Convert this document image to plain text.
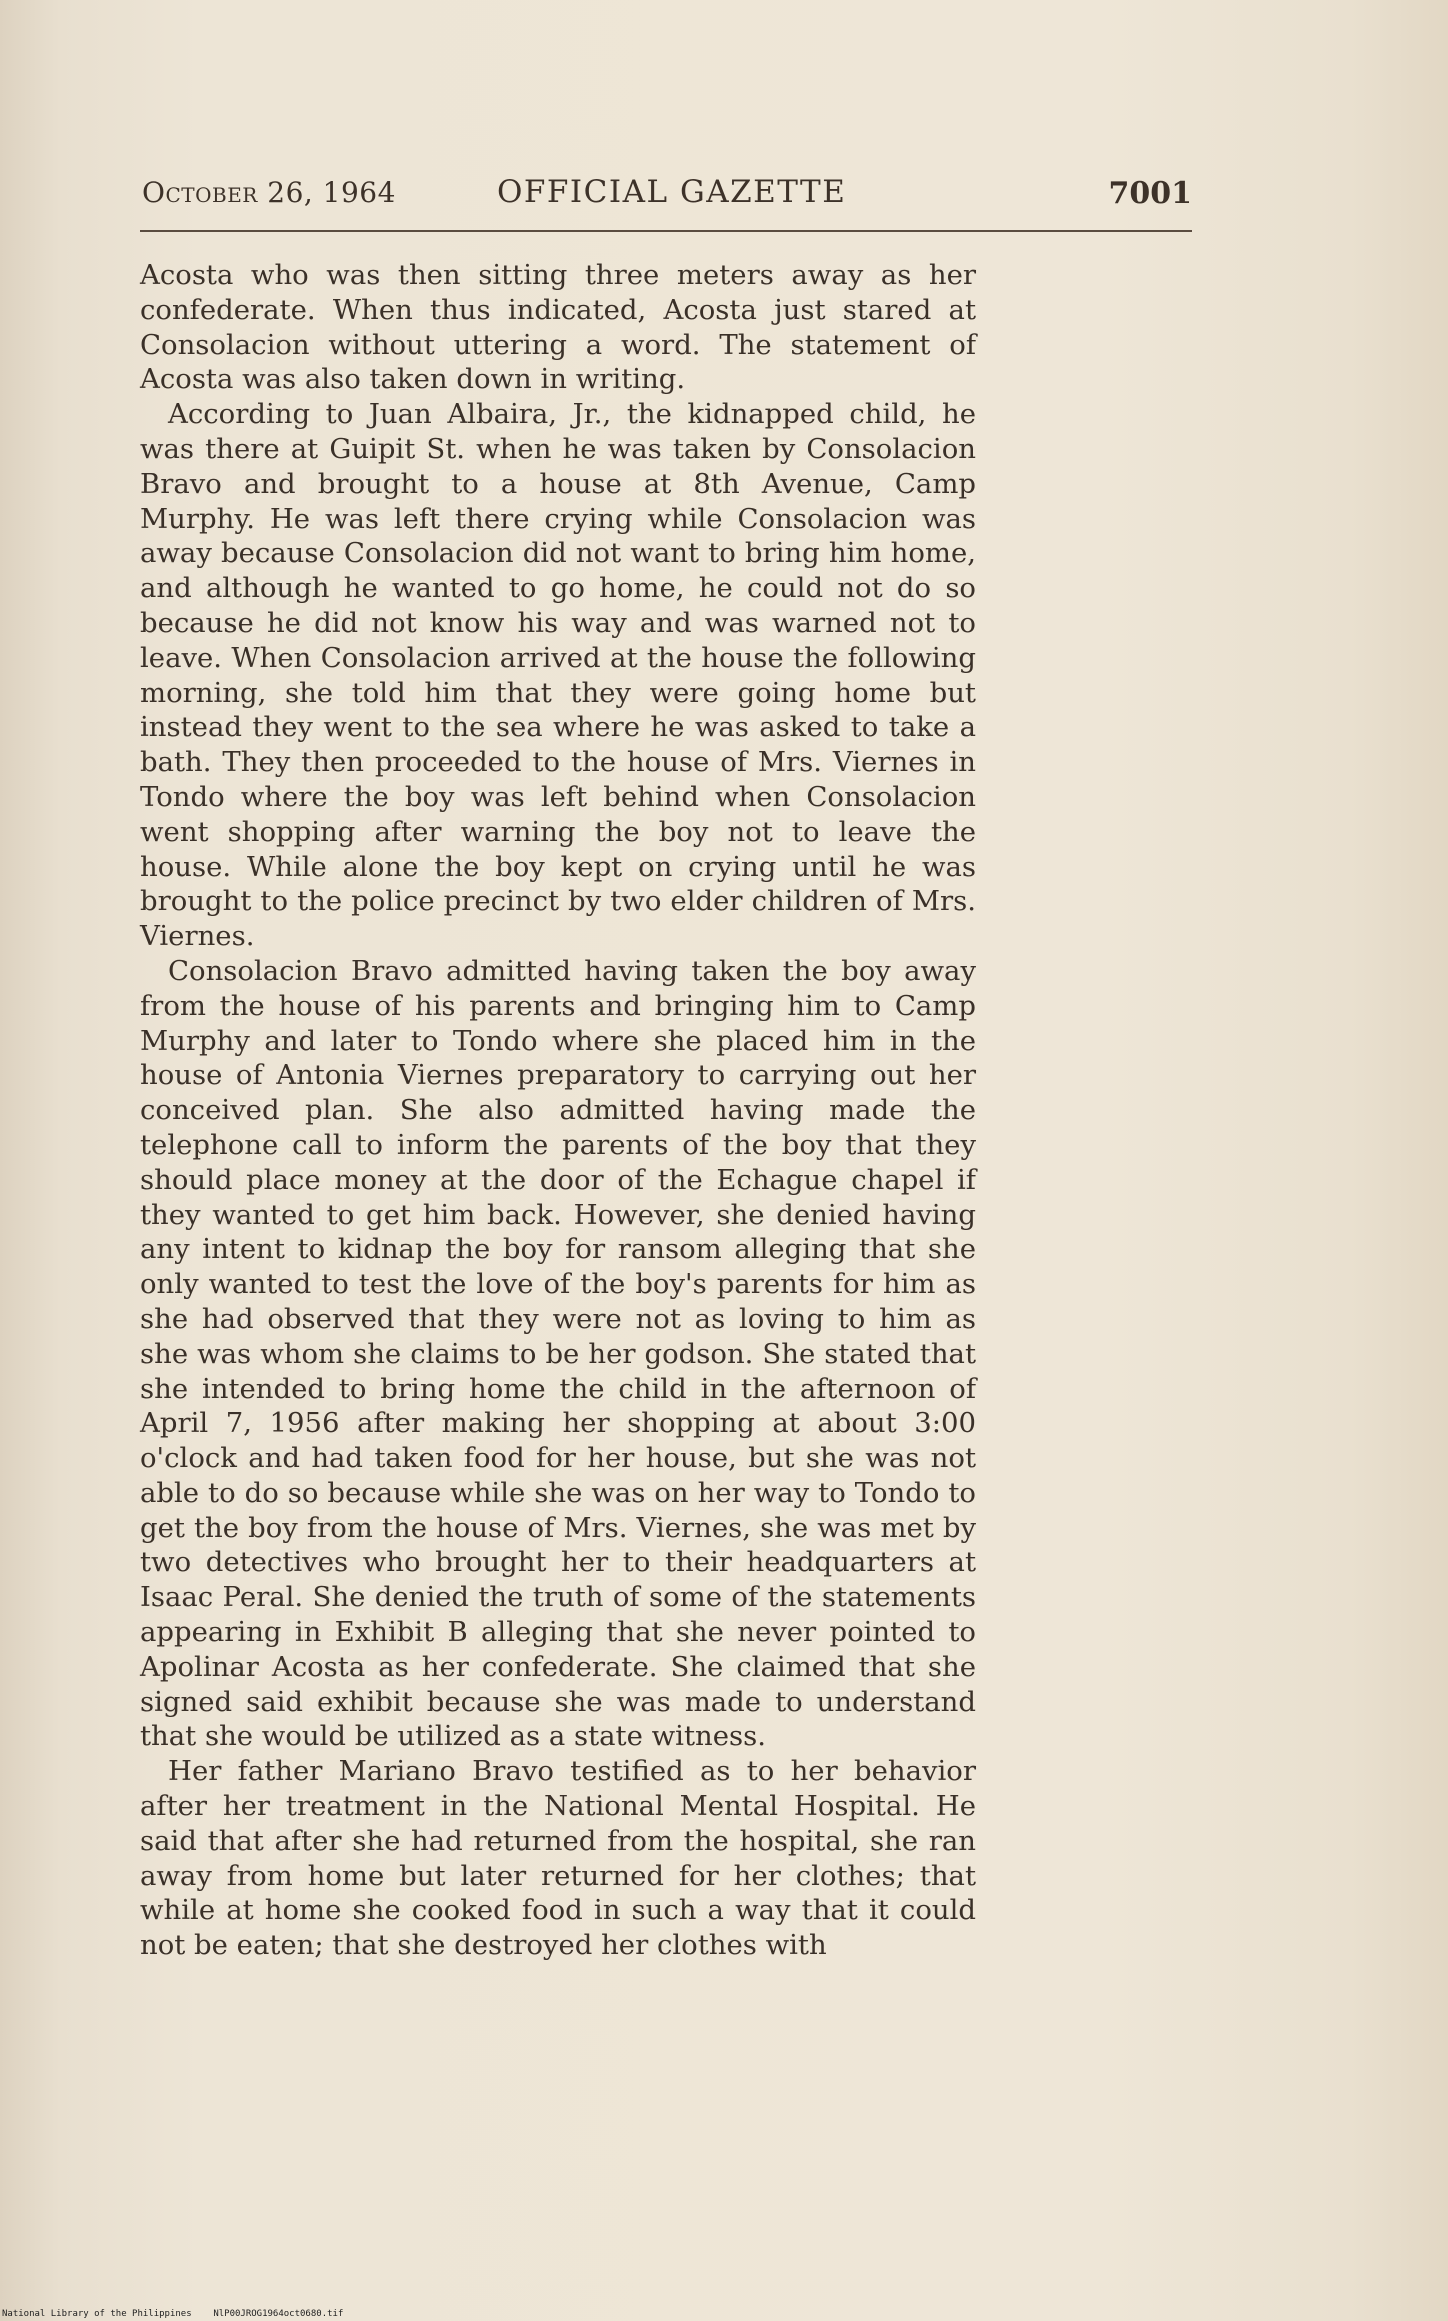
October 26, 1964	OFFICIAL GAZETTE	7001

Acosta who was then sitting three meters away as her confederate. When thus indicated, Acosta just stared at Consolacion without uttering a word. The statement of Acosta was also taken down in writing.

According to Juan Albaira, Jr., the kidnapped child, he was there at Guipit St. when he was taken by Consolacion Bravo and brought to a house at 8th Avenue, Camp Murphy. He was left there crying while Consolacion was away because Consolacion did not want to bring him home, and although he wanted to go home, he could not do so because he did not know his way and was warned not to leave. When Consolacion arrived at the house the following morning, she told him that they were going home but instead they went to the sea where he was asked to take a bath. They then proceeded to the house of Mrs. Viernes in Tondo where the boy was left behind when Consolacion went shopping after warning the boy not to leave the house. While alone the boy kept on crying until he was brought to the police precinct by two elder children of Mrs. Viernes.

Consolacion Bravo admitted having taken the boy away from the house of his parents and bringing him to Camp Murphy and later to Tondo where she placed him in the house of Antonia Viernes preparatory to carrying out her conceived plan. She also admitted having made the telephone call to inform the parents of the boy that they should place money at the door of the Echague chapel if they wanted to get him back. However, she denied having any intent to kidnap the boy for ransom alleging that she only wanted to test the love of the boy's parents for him as she had observed that they were not as loving to him as she was whom she claims to be her godson. She stated that she intended to bring home the child in the afternoon of April 7, 1956 after making her shopping at about 3:00 o'clock and had taken food for her house, but she was not able to do so because while she was on her way to Tondo to get the boy from the house of Mrs. Viernes, she was met by two detectives who brought her to their headquarters at Isaac Peral. She denied the truth of some of the statements appearing in Exhibit B alleging that she never pointed to Apolinar Acosta as her confederate. She claimed that she signed said exhibit because she was made to understand that she would be utilized as a state witness.

Her father Mariano Bravo testified as to her behavior after her treatment in the National Mental Hospital. He said that after she had returned from the hospital, she ran away from home but later returned for her clothes; that while at home she cooked food in such a way that it could not be eaten; that she destroyed her clothes with

National Library of the Philippines    NlP00JROG1964oct0680.tif
